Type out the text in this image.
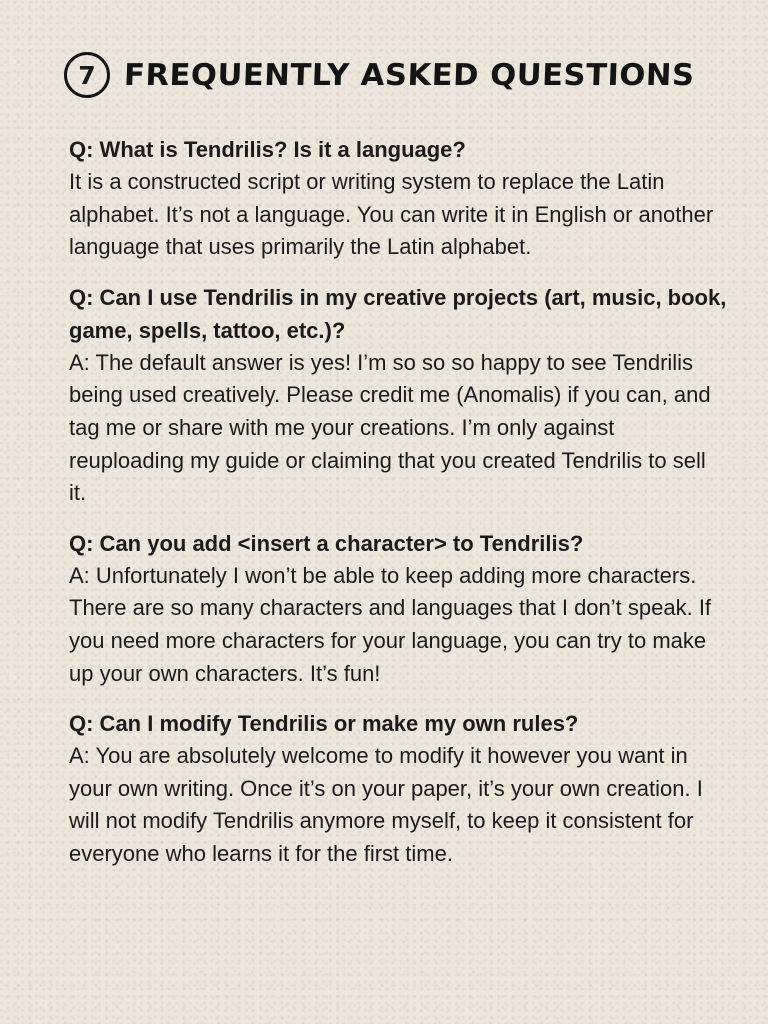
7 FREQUENTLY ASKED QUESTIONS

Q: What is Tendrilis? Is it a language?

It is a constructed script or writing system to replace the Latin alphabet. It’s not a language. You can write it in English or another language that uses primarily the Latin alphabet.

Q: Can I use Tendrilis in my creative projects (art, music, book, game, spells, tattoo, etc.)?

A: The default answer is yes! I’m so so so happy to see Tendrilis being used creatively. Please credit me (Anomalis) if you can, and tag me or share with me your creations. I’m only against reuploading my guide or claiming that you created Tendrilis to sell it.

Q: Can you add <insert a character> to Tendrilis?

A: Unfortunately I won’t be able to keep adding more characters. There are so many characters and languages that I don’t speak. If you need more characters for your language, you can try to make up your own characters. It’s fun!

Q: Can I modify Tendrilis or make my own rules?

A: You are absolutely welcome to modify it however you want in your own writing. Once it’s on your paper, it’s your own creation. I will not modify Tendrilis anymore myself, to keep it consistent for everyone who learns it for the first time.
